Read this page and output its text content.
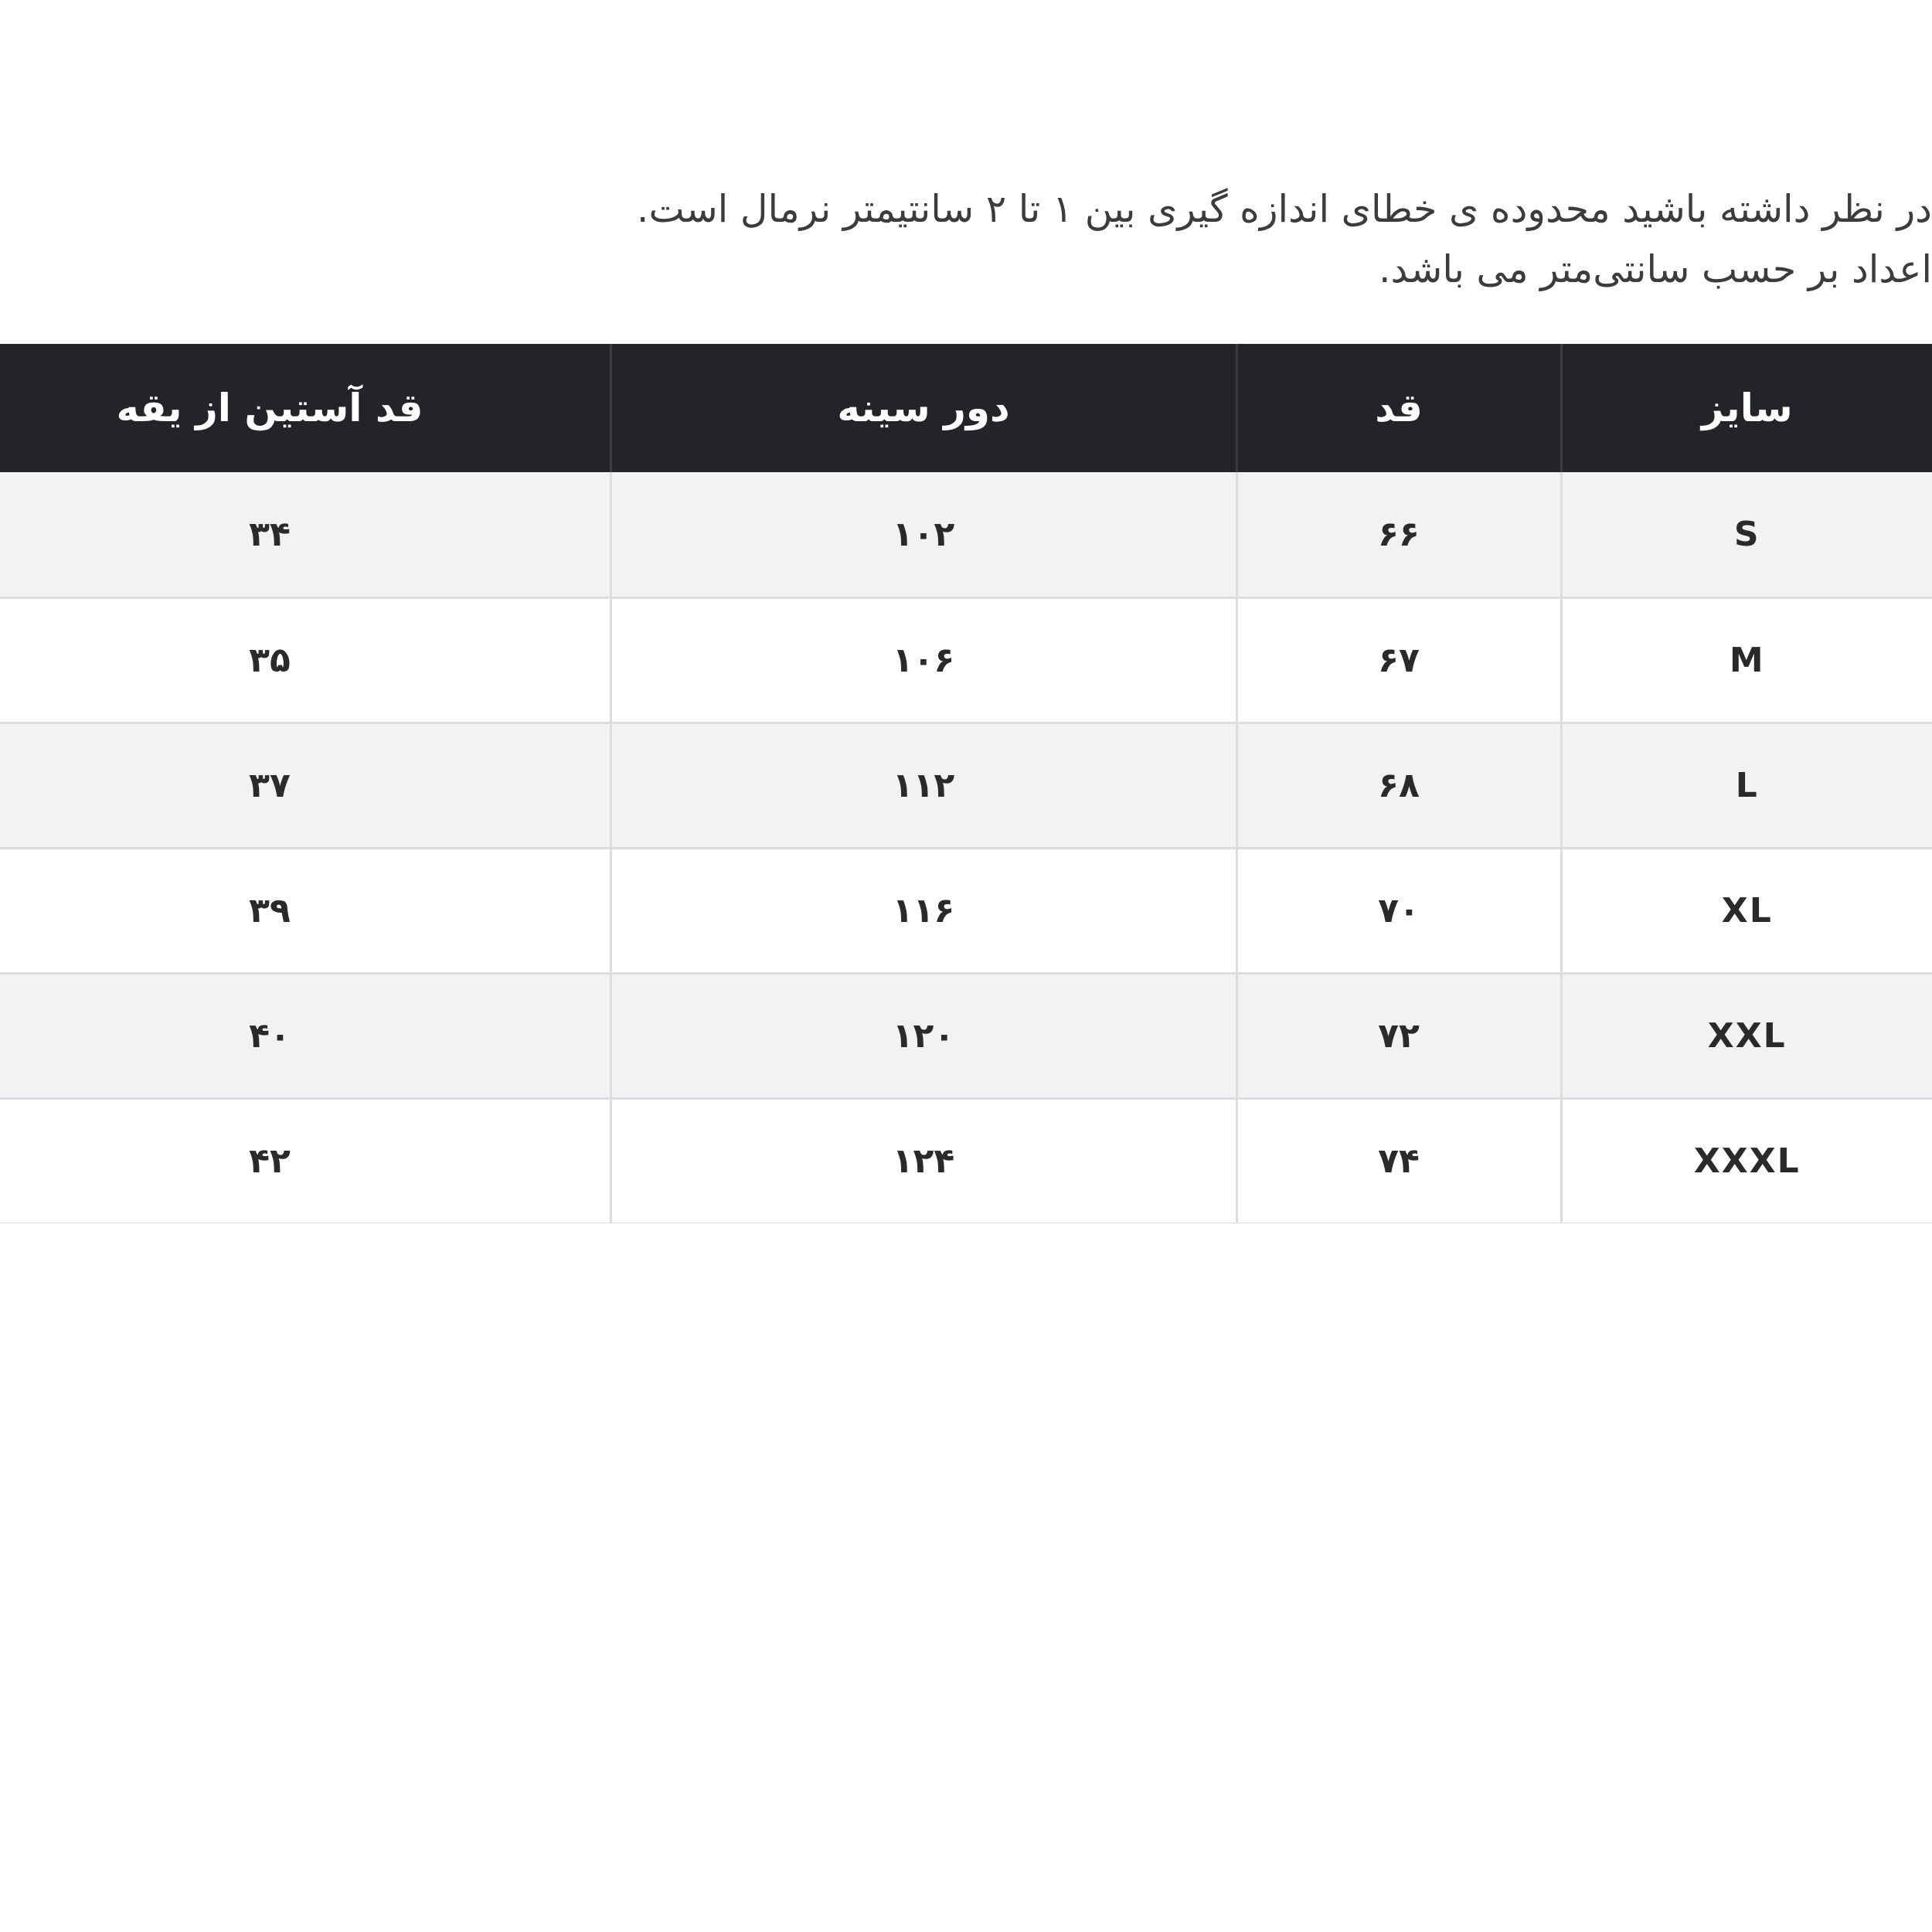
در نظر داشته باشید محدوده ی خطای اندازه گیری بین ۱ تا ۲ سانتیمتر نرمال است.
اعداد بر حسب سانتی‌متر می باشد.
سایز	قد	دور سینه	قد آستین از یقه
S	۶۶	۱۰۲	۳۴
M	۶۷	۱۰۶	۳۵
L	۶۸	۱۱۲	۳۷
XL	۷۰	۱۱۶	۳۹
XXL	۷۲	۱۲۰	۴۰
XXXL	۷۴	۱۲۴	۴۲
